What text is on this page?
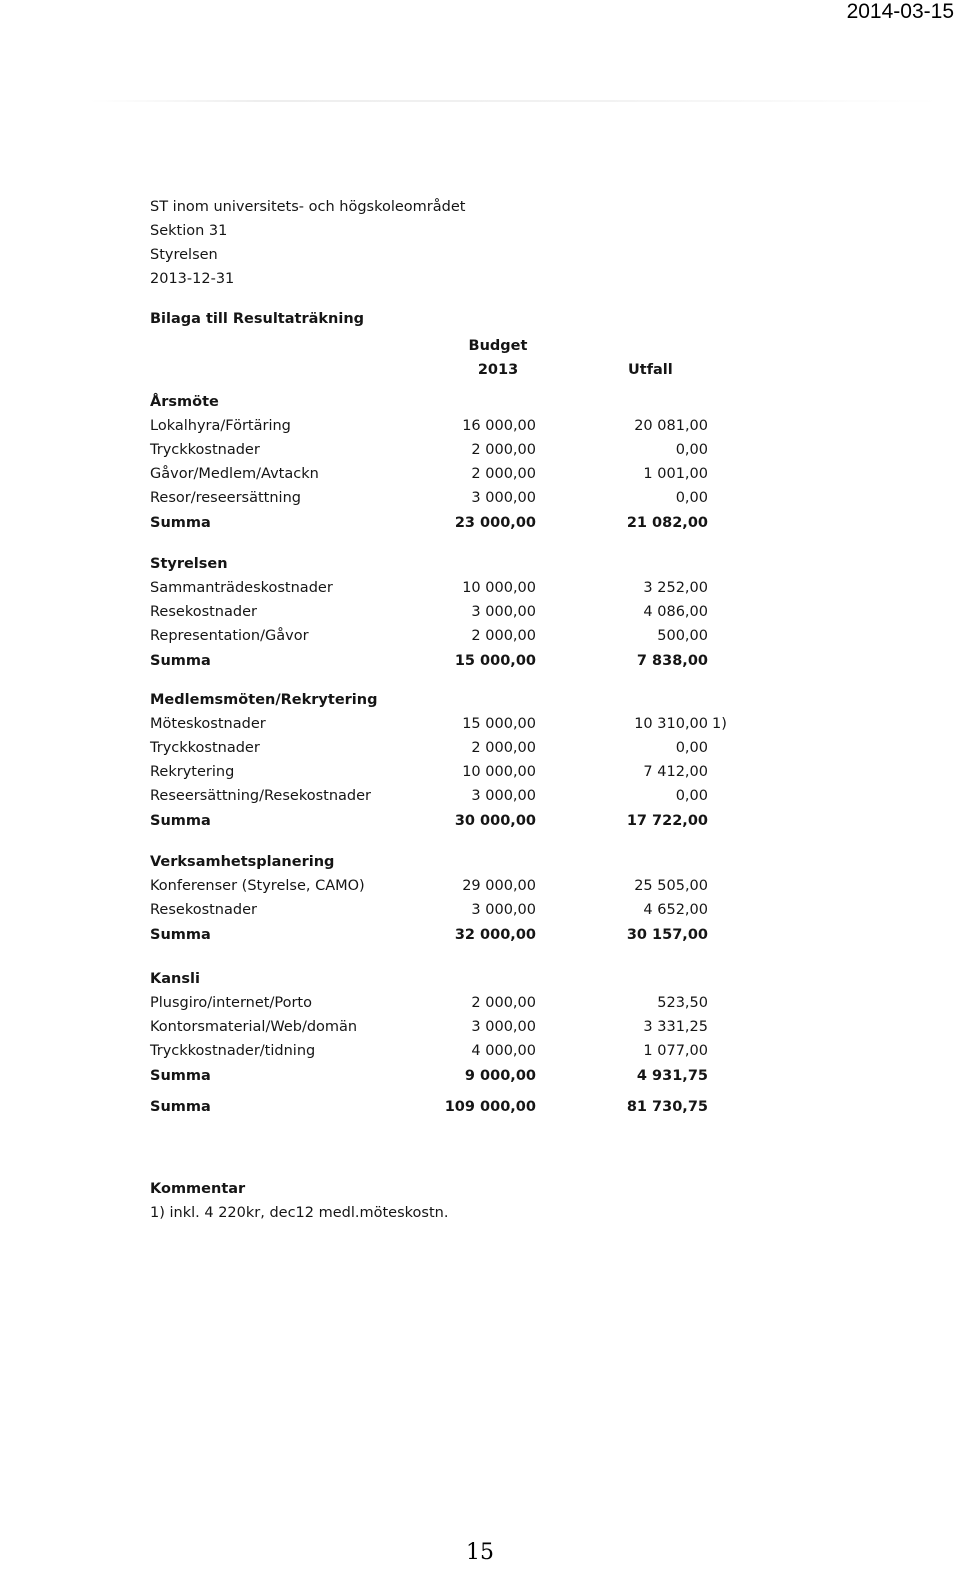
2014-03-15
ST inom universitets- och högskoleområdet
Sektion 31
Styrelsen
2013-12-31
Bilaga till Resultaträkning
Budget
2013	Utfall
Årsmöte
Lokalhyra/Förtäring	16 000,00	20 081,00
Tryckkostnader	2 000,00	0,00
Gåvor/Medlem/Avtackn	2 000,00	1 001,00
Resor/reseersättning	3 000,00	0,00
Summa	23 000,00	21 082,00
Styrelsen
Sammanträdeskostnader	10 000,00	3 252,00
Resekostnader	3 000,00	4 086,00
Representation/Gåvor	2 000,00	500,00
Summa	15 000,00	7 838,00
Medlemsmöten/Rekrytering
Möteskostnader	15 000,00	10 310,00 1)
Tryckkostnader	2 000,00	0,00
Rekrytering	10 000,00	7 412,00
Reseersättning/Resekostnader	3 000,00	0,00
Summa	30 000,00	17 722,00
Verksamhetsplanering
Konferenser (Styrelse, CAMO)	29 000,00	25 505,00
Resekostnader	3 000,00	4 652,00
Summa	32 000,00	30 157,00
Kansli
Plusgiro/internet/Porto	2 000,00	523,50
Kontorsmaterial/Web/domän	3 000,00	3 331,25
Tryckkostnader/tidning	4 000,00	1 077,00
Summa	9 000,00	4 931,75
Summa	109 000,00	81 730,75
Kommentar
1) inkl. 4 220kr, dec12 medl.möteskostn.
15
